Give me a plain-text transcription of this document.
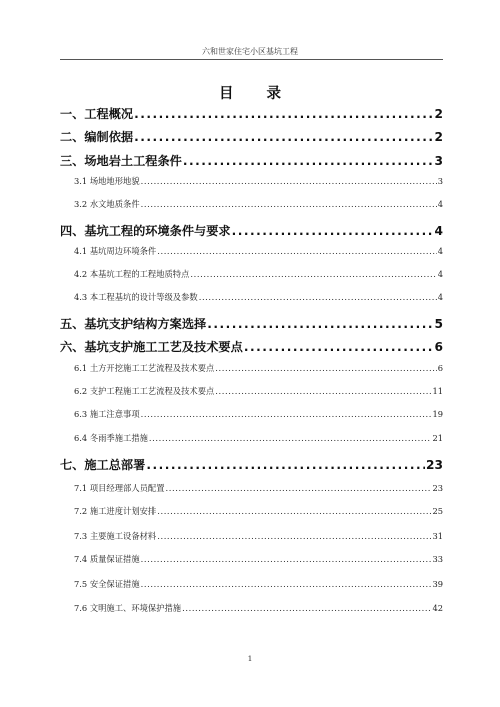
六和世家住宅小区基坑工程
目 录
一、工程概况 .....	2
二、编制依据 .....	2
三、场地岩土工程条件 .....	3
3.1 场地地形地貌 .....	3
3.2 水文地质条件 .....	4
四、基坑工程的环境条件与要求 .....	4
4.1 基坑周边环境条件 .....	4
4.2 本基坑工程的工程地质特点 .....	4
4.3 本工程基坑的设计等级及参数 .....	4
五、基坑支护结构方案选择 .....	5
六、基坑支护施工工艺及技术要点 .....	6
6.1 土方开挖施工工艺流程及技术要点 .....	6
6.2 支护工程施工工艺流程及技术要点 .....	11
6.3 施工注意事项 .....	19
6.4 冬雨季施工措施 .....	21
七、施工总部署 .....	23
7.1 项目经理部人员配置 .....	23
7.2 施工进度计划安排 .....	25
7.3 主要施工设备材料 .....	31
7.4 质量保证措施 .....	33
7.5 安全保证措施 .....	39
7.6 文明施工、环境保护措施 .....	42
1
